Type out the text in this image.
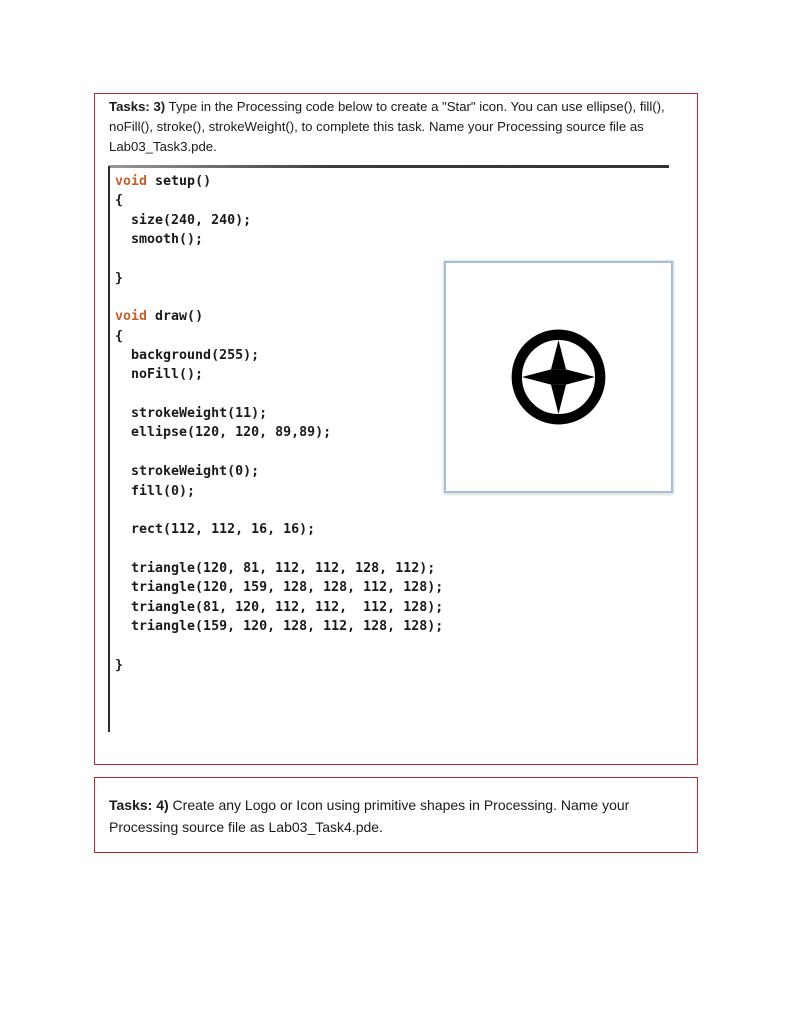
Tasks: 3) Type in the Processing code below to create a "Star" icon. You can use ellipse(), fill(), noFill(), stroke(), strokeWeight(), to complete this task. Name your Processing source file as Lab03_Task3.pde.
void setup()
{
size(240, 240);
smooth();
}
void draw()
{
background(255);
noFill();
strokeWeight(11);
ellipse(120, 120, 89,89);
strokeWeight(0);
fill(0);
rect(112, 112, 16, 16);
triangle(120, 81, 112, 112, 128, 112);
triangle(120, 159, 128, 128, 112, 128);
triangle(81, 120, 112, 112,  112, 128);
triangle(159, 120, 128, 112, 128, 128);
}
Tasks: 4) Create any Logo or Icon using primitive shapes in Processing. Name your Processing source file as Lab03_Task4.pde.
